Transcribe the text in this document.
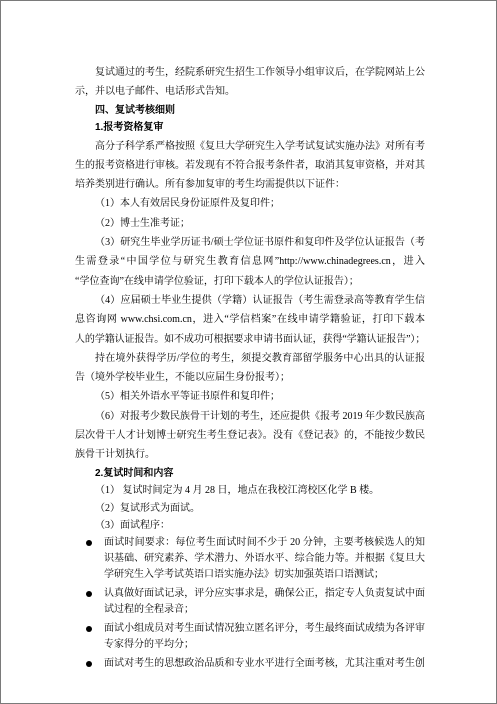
复试通过的考生，经院系研究生招生工作领导小组审议后，在学院网站上公
示，并以电子邮件、电话形式告知。
四、复试考核细则
1.报考资格复审
高分子科学系严格按照《复旦大学研究生入学考试复试实施办法》对所有考
生的报考资格进行审核。若发现有不符合报考条件者，取消其复审资格，并对其
培养类别进行确认。所有参加复审的考生均需提供以下证件：
（1）本人有效居民身份证原件及复印件；
（2）博士生准考证；
（3）研究生毕业学历证书/硕士学位证书原件和复印件及学位认证报告（考
生需登录“中国学位与研究生教育信息网”http://www.chinadegrees.cn，进入
“学位查询”在线申请学位验证，打印下载本人的学位认证报告）；
（4）应届硕士毕业生提供（学籍）认证报告（考生需登录高等教育学生信
息咨询网 www.chsi.com.cn，进入“学信档案”在线申请学籍验证，打印下载本
人的学籍认证报告。如不成功可根据要求申请书面认证，获得“学籍认证报告”）；
持在境外获得学历/学位的考生，须提交教育部留学服务中心出具的认证报
告（境外学校毕业生，不能以应届生身份报考）；
（5）相关外语水平等证书原件和复印件；
（6）对报考少数民族骨干计划的考生，还应提供《报考 2019 年少数民族高
层次骨干人才计划博士研究生考生登记表》。没有《登记表》的，不能按少数民
族骨干计划执行。
2.复试时间和内容
（1） 复试时间定为 4 月 28 日，地点在我校江湾校区化学 B 楼。
（2）复试形式为面试。
（3）面试程序：
面试时间要求：每位考生面试时间不少于 20 分钟，主要考核候选人的知
识基础、研究素养、学术潜力、外语水平、综合能力等。并根据《复旦大
学研究生入学考试英语口语实施办法》切实加强英语口语测试；
认真做好面试记录，评分应实事求是，确保公正，指定专人负责复试中面
试过程的全程录音；
面试小组成员对考生面试情况独立匿名评分，考生最终面试成绩为各评审
专家得分的平均分；
面试对考生的思想政治品质和专业水平进行全面考核，尤其注重对考生创
